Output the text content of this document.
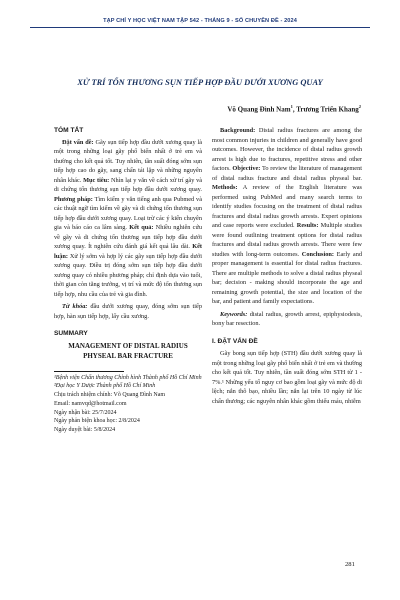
TẠP CHÍ Y HỌC VIỆT NAM TẬP 542 - THÁNG 9 - SỐ CHUYÊN ĐỀ - 2024
XỬ TRÍ TỔN THƯƠNG SỤN TIẾP HỢP ĐẦU DƯỚI XƯƠNG QUAY
Võ Quang Đình Nam$^1$, Trương Triển Khang$^2$
TÓM TẮT

Đặt vấn đề: Gãy sụn tiếp hợp đầu dưới xương quay là một trong những loại gãy phổ biến nhất ở trẻ em và thường cho kết quả tốt. Tuy nhiên, tần suất đóng sớm sụn tiếp hợp cao do gãy, sang chấn tái lặp và những nguyên nhân khác. Mục tiêu: Nhìn lại y văn về cách xử trí gãy và di chứng tổn thương sụn tiếp hợp đầu dưới xương quay. Phương pháp: Tìm kiếm y văn tiếng anh qua Pubmed và các thuật ngữ tìm kiếm về gãy và di chứng tổn thương sụn tiếp hợp đầu dưới xương quay. Loại trừ các ý kiến chuyên gia và báo cáo ca lâm sàng. Kết quả: Nhiều nghiên cứu về gãy và di chứng tổn thương sụn tiếp hợp đầu dưới xương quay. Ít nghiên cứu đánh giá kết quả lâu dài. Kết luận: Xử lý sớm và hợp lý các gãy sụn tiếp hợp đầu dưới xương quay. Điều trị đóng sớm sụn tiếp hợp đầu dưới xương quay có nhiều phương pháp; chỉ định dựa vào tuổi, thời gian còn tăng trưởng, vị trí và mức độ tổn thương sụn tiếp hợp, nhu cầu của trẻ và gia đình.

Từ khóa: đầu dưới xương quay, đóng sớm sụn tiếp hợp, hàn sụn tiếp hợp, lấy cầu xương.

SUMMARY

MANAGEMENT OF DISTAL RADIUS PHYSEAL BAR FRACTURE

¹Bệnh viện Chấn thương Chỉnh hình Thành phố Hồ Chí Minh

²Đại học Y Dược Thành phố Hồ Chí Minh

Chịu trách nhiệm chính: Võ Quang Đình Nam

Email: namvqd@hotmail.com

Ngày nhận bài: 25/7/2024

Ngày phản biện khoa học: 2/8/2024

Ngày duyệt bài: 5/8/2024

Background: Distal radius fractures are among the most common injuries in children and generally have good outcomes. However, the incidence of distal radius growth arrest is high due to fractures, repetitive stress and other factors. Objective: To review the literature of management of distal radius fracture and distal radius physeal bar. Methods: A review of the English literature was performed using PubMed and many search terms to identify studies focusing on the treatment of distal radius fractures and distal radius growth arrests. Expert opinions and case reports were excluded. Results: Multiple studies were found outlining treatment options for distal radius fractures and distal radius growth arrests. There were few studies with long-term outcomes. Conclusion: Early and proper management is essential for distal radius fractures. There are multiple methods to solve a distal radius physeal bar; decision - making should incorporate the age and remaining growth potential, the size and location of the bar, and patient and family expectations.

Keywords: distal radius, growth arrest, epiphysiodesis, bony bar resection.

I. ĐẶT VẤN ĐỀ

Gãy bong sụn tiếp hợp (STH) đầu dưới xương quay là một trong những loại gãy phổ biến nhất ở trẻ em và thường cho kết quả tốt. Tuy nhiên, tần suất đóng sớm STH từ 1 - 7%.¹ Những yếu tố nguy cơ bao gồm loại gãy và mức độ di lệch; nắn thô bạo, nhiều lần; nắn lại trên 10 ngày từ lúc chấn thương; các nguyên nhân khác gồm thiếu máu, nhiễm

281
